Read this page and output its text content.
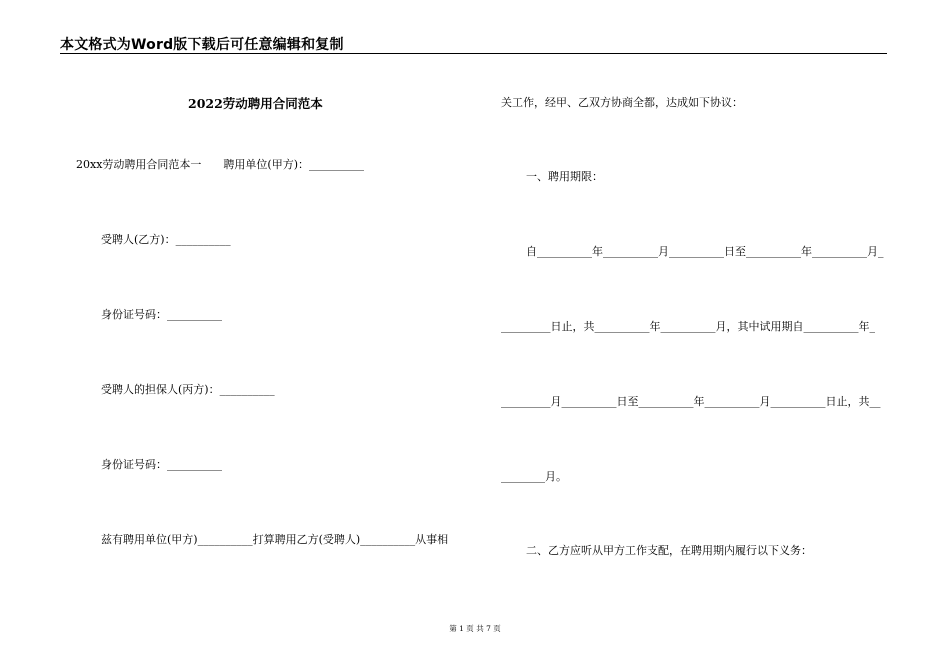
本文格式为Word版下载后可任意编辑和复制
2022劳动聘用合同范本
20xx劳动聘用合同范本一　　聘用单位(甲方)：__________
受聘人(乙方)：__________
身份证号码：__________
受聘人的担保人(丙方)：__________
身份证号码：__________
兹有聘用单位(甲方)__________打算聘用乙方(受聘人)__________从事相
关工作，经甲、乙双方协商全都，达成如下协议：
一、聘用期限：
自__________年__________月__________日至__________年__________月_
_________日止，共__________年__________月，其中试用期自__________年_
_________月__________日至__________年__________月__________日止，共__
________月。
二、乙方应听从甲方工作支配，在聘用期内履行以下义务：
第 1 页 共 7 页
